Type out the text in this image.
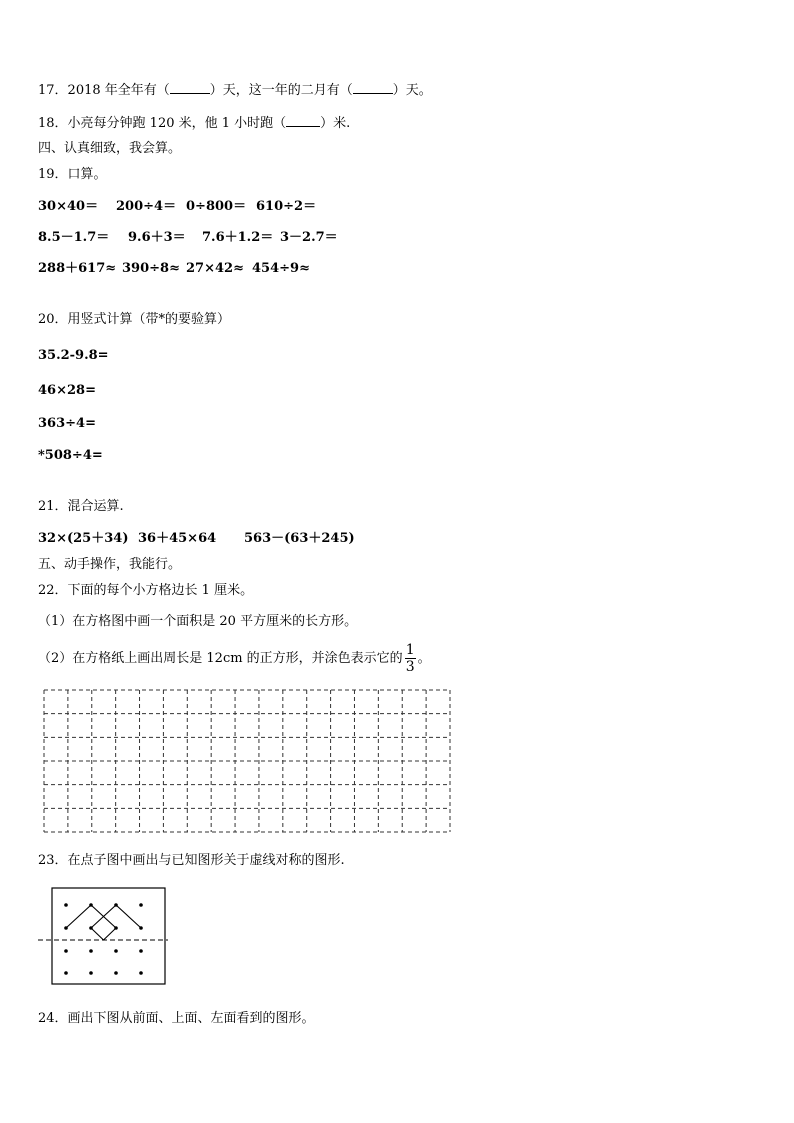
17．2018 年全年有（	）天，这一年的二月有（	）天。
18．小亮每分钟跑 120 米，他 1 小时跑（	）米.
四、认真细致，我会算。
19．口算。
30×40＝ 200÷4＝ 0÷800＝ 610÷2＝
8.5－1.7＝ 9.6＋3＝ 7.6＋1.2＝ 3－2.7＝
288＋617≈ 390÷8≈ 27×42≈ 454÷9≈
20．用竖式计算（带*的要验算）
35.2-9.8=
46×28=
363÷4=
*508÷4=
21．混合运算.
32×(25＋34) 36＋45×64 563－(63＋245)
五、动手操作，我能行。
22．下面的每个小方格边长 1 厘米。
（1）在方格图中画一个面积是 20 平方厘米的长方形。
（2）在方格纸上画出周长是 12cm 的正方形，并涂色表示它的 $\frac{1}{3}$ 。
23．在点子图中画出与已知图形关于虚线对称的图形.
24．画出下图从前面、上面、左面看到的图形。
